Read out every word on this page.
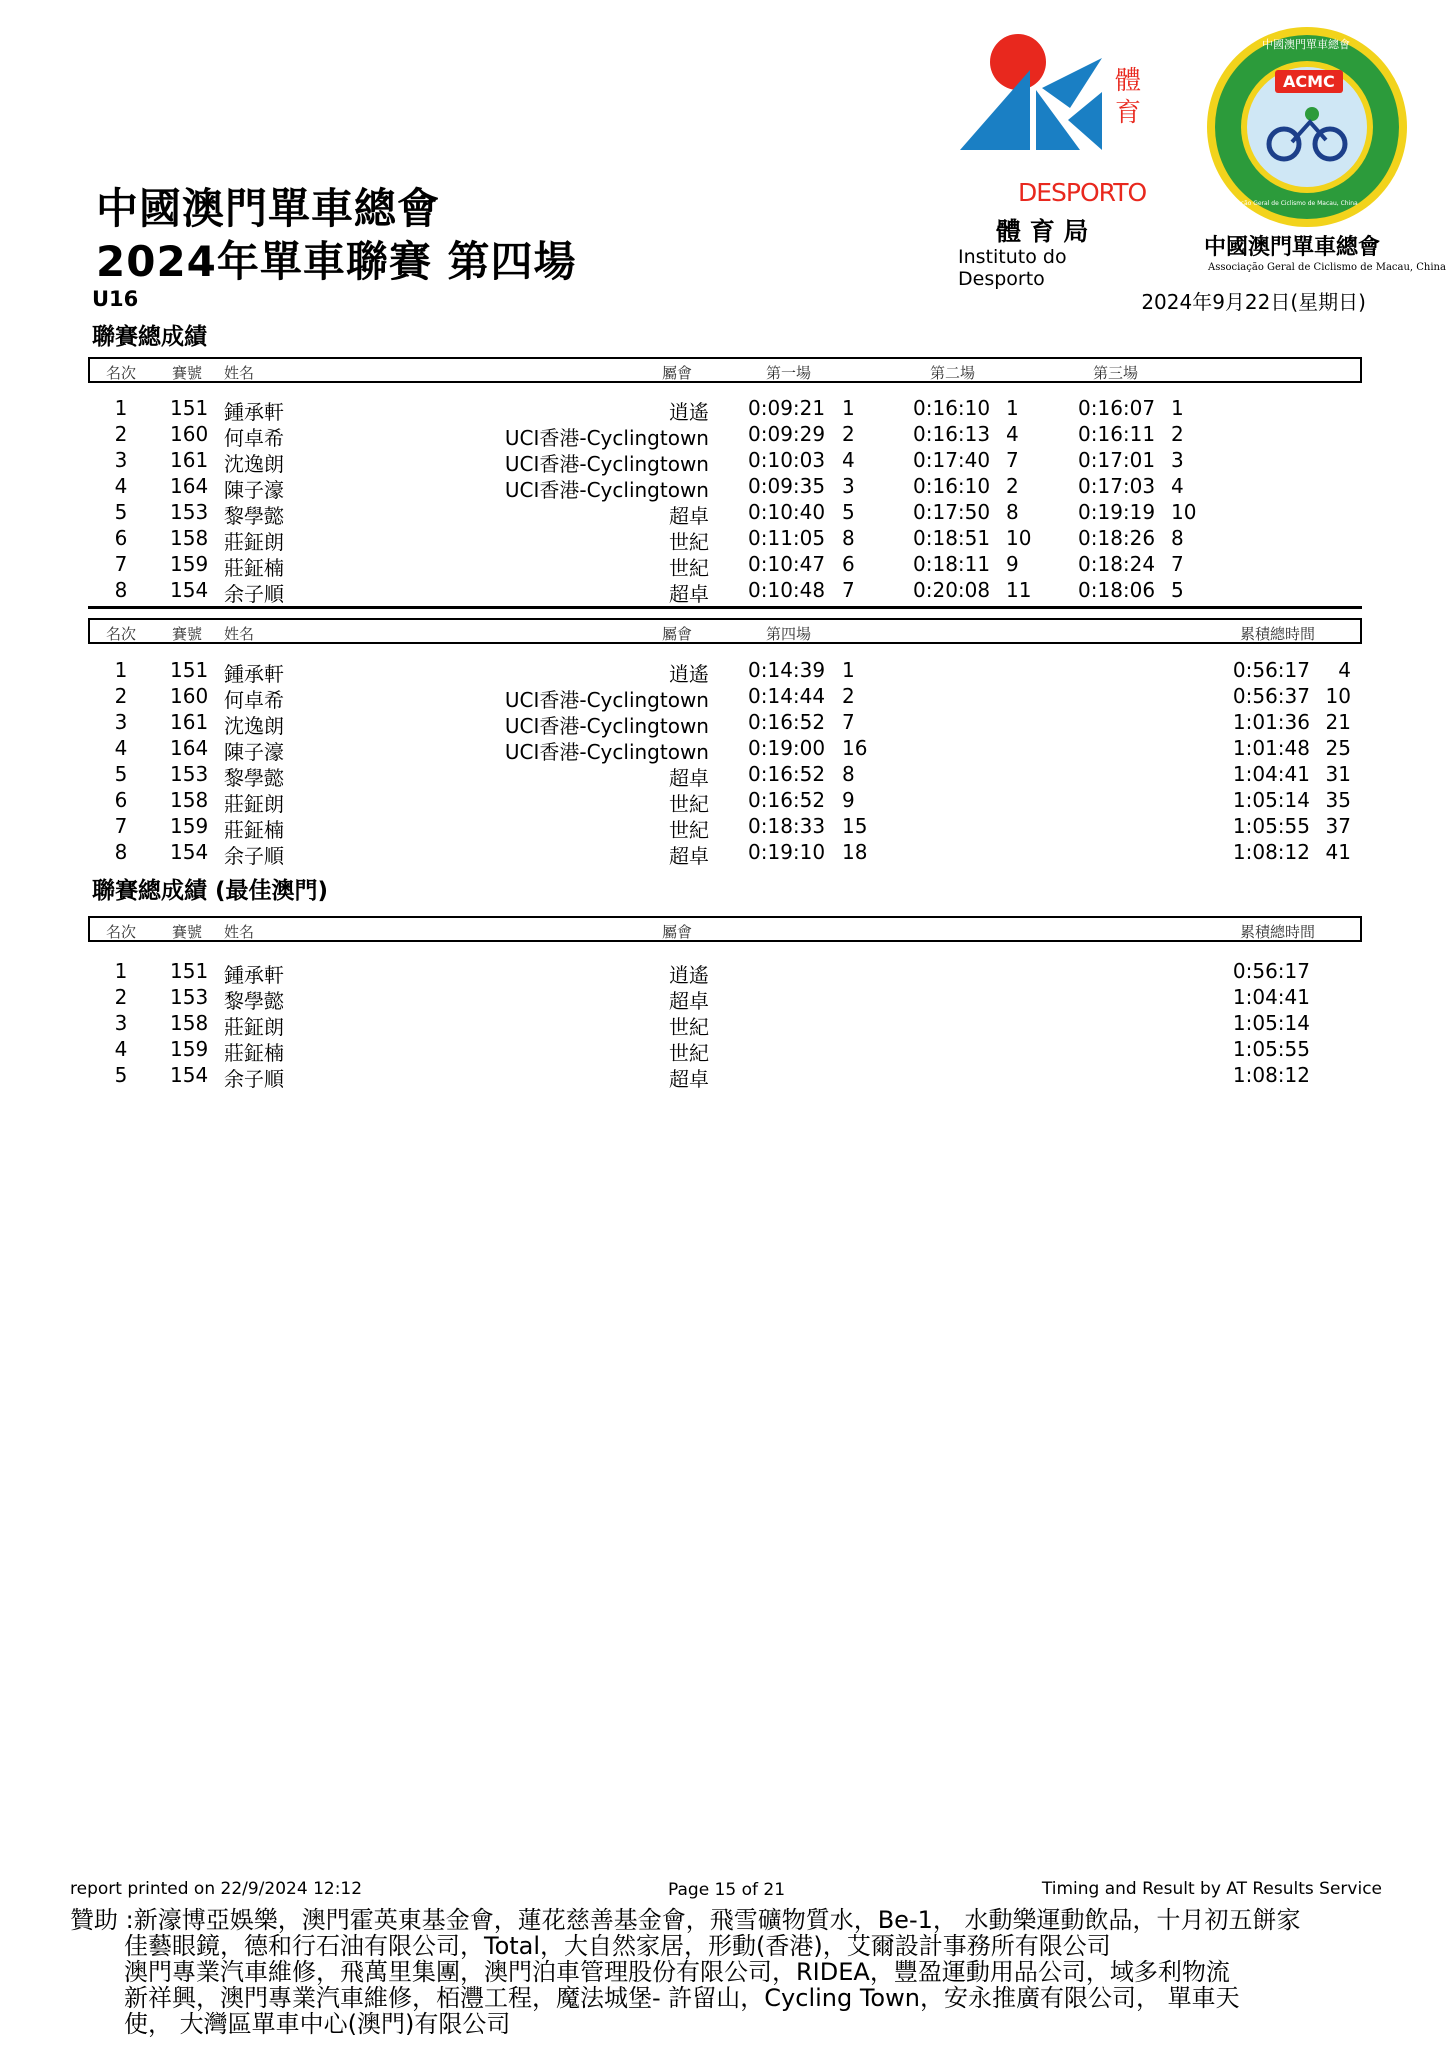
中國澳門單車總會
2024年單車聯賽 第四場
U16	2024年9月22日(星期日)
體
育
DESPORTO
體 育 局
Instituto do Desporto
中國澳門單車總會
ACMC
Associação Geral de Ciclismo de Macau, China
中國澳門單車總會
Associação Geral de Ciclismo de Macau, China
聯賽總成績
名次 賽號 姓名	屬會	第一場	第二場	第三場
1 151 鍾承軒	逍遙 0:09:21 1	0:16:10 1	0:16:07 1
2 160 何卓希	UCI香港-Cyclingtown 0:09:29 2	0:16:13 4	0:16:11 2
3 161 沈逸朗	UCI香港-Cyclingtown 0:10:03 4	0:17:40 7	0:17:01 3
4 164 陳子濠	UCI香港-Cyclingtown 0:09:35 3	0:16:10 2	0:17:03 4
5 153 黎學懿	超卓 0:10:40 5	0:17:50 8	0:19:19 10
6 158 莊鉦朗	世紀 0:11:05 8	0:18:51 10 0:18:26 8
7 159 莊鉦楠	世紀 0:10:47 6	0:18:11 9	0:18:24 7
8 154 余子順	超卓 0:10:48 7	0:20:08 11 0:18:06 5
名次 賽號 姓名	屬會	第四場	累積總時間
1 151 鍾承軒	逍遙 0:14:39 1	0:56:17 4
2 160 何卓希	UCI香港-Cyclingtown 0:14:44 2	0:56:37 10
3 161 沈逸朗	UCI香港-Cyclingtown 0:16:52 7	1:01:36 21
4 164 陳子濠	UCI香港-Cyclingtown 0:19:00 16	1:01:48 25
5 153 黎學懿	超卓 0:16:52 8	1:04:41 31
6 158 莊鉦朗	世紀 0:16:52 9	1:05:14 35
7 159 莊鉦楠	世紀 0:18:33 15	1:05:55 37
8 154 余子順	超卓 0:19:10 18	1:08:12 41
聯賽總成績 (最佳澳門)
名次 賽號 姓名	屬會	累積總時間
1 151 鍾承軒	逍遙	0:56:17
2 153 黎學懿	超卓	1:04:41
3 158 莊鉦朗	世紀	1:05:14
4 159 莊鉦楠	世紀	1:05:55
5 154 余子順	超卓	1:08:12
report printed on 22/9/2024 12:12	Page 15 of 21	Timing and Result by AT Results Service
贊助 :新濠博亞娛樂，澳門霍英東基金會，蓮花慈善基金會，飛雪礦物質水，Be-1， 水動樂運動飲品，十月初五餅家
佳藝眼鏡，德和行石油有限公司，Total，大自然家居，形動(香港)，艾爾設計事務所有限公司
澳門專業汽車維修，飛萬里集團，澳門泊車管理股份有限公司，RIDEA，豐盈運動用品公司，域多利物流
新祥興，澳門專業汽車維修，栢灃工程，魔法城堡- 許留山，Cycling Town，安永推廣有限公司， 單車天
使， 大灣區單車中心(澳門)有限公司
